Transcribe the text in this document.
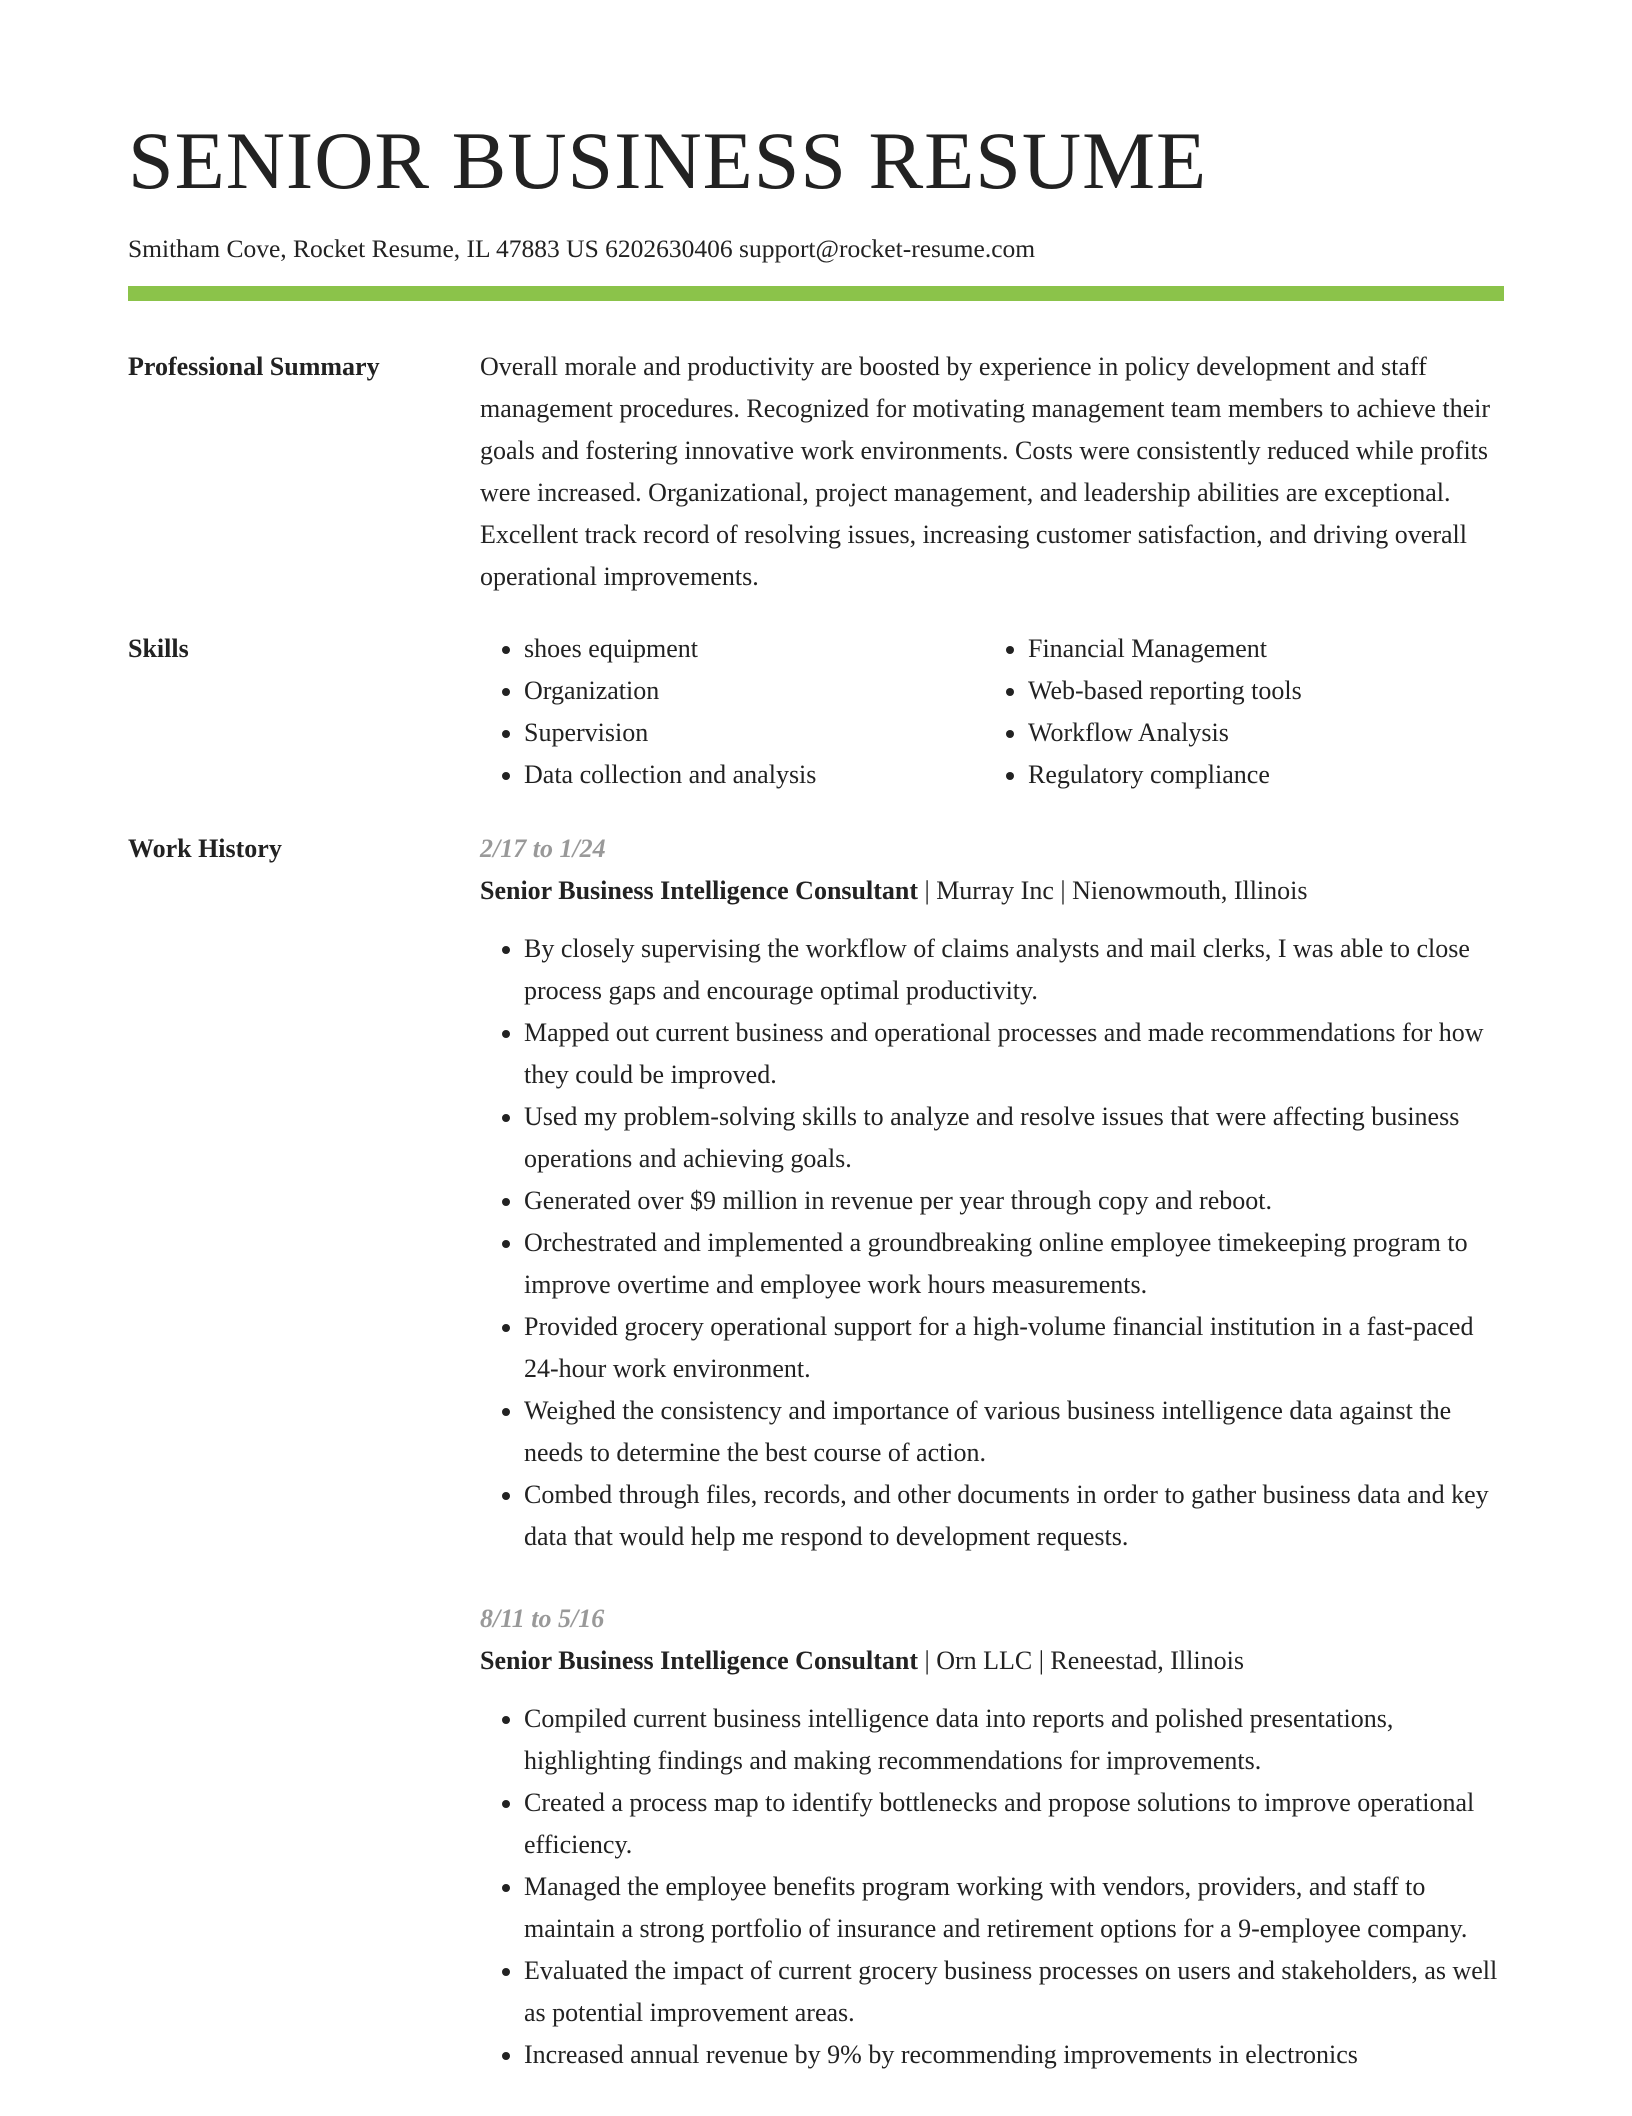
SENIOR BUSINESS RESUME
Smitham Cove, Rocket Resume, IL 47883 US 6202630406 support@rocket-resume.com
Professional Summary	Overall morale and productivity are boosted by experience in policy development and staff management procedures. Recognized for motivating management team members to achieve their goals and fostering innovative work environments. Costs were consistently reduced while profits were increased. Organizational, project management, and leadership abilities are exceptional. Excellent track record of resolving issues, increasing customer satisfaction, and driving overall operational improvements.

Skills
•	shoes equipment
• Organization
• Supervision
• Data collection and analysis
• Financial Management
• Web-based reporting tools
• Workflow Analysis
• Regulatory compliance
Work History	2/17 to 1/24
Senior Business Intelligence Consultant | Murray Inc | Nienowmouth, Illinois
• By closely supervising the workflow of claims analysts and mail clerks, I was able to close process gaps and encourage optimal productivity.
• Mapped out current business and operational processes and made recommendations for how they could be improved.
• Used my problem-solving skills to analyze and resolve issues that were affecting business operations and achieving goals.
• Generated over $9 million in revenue per year through copy and reboot.
• Orchestrated and implemented a groundbreaking online employee timekeeping program to improve overtime and employee work hours measurements.
• Provided grocery operational support for a high-volume financial institution in a fast-paced 24-hour work environment.
• Weighed the consistency and importance of various business intelligence data against the needs to determine the best course of action.
• Combed through files, records, and other documents in order to gather business data and key data that would help me respond to development requests.
8/11 to 5/16
Senior Business Intelligence Consultant | Orn LLC | Reneestad, Illinois
• Compiled current business intelligence data into reports and polished presentations, highlighting findings and making recommendations for improvements.
• Created a process map to identify bottlenecks and propose solutions to improve operational efficiency.
• Managed the employee benefits program working with vendors, providers, and staff to maintain a strong portfolio of insurance and retirement options for a 9-employee company.
• Evaluated the impact of current grocery business processes on users and stakeholders, as well as potential improvement areas.
• Increased annual revenue by 9% by recommending improvements in electronics
